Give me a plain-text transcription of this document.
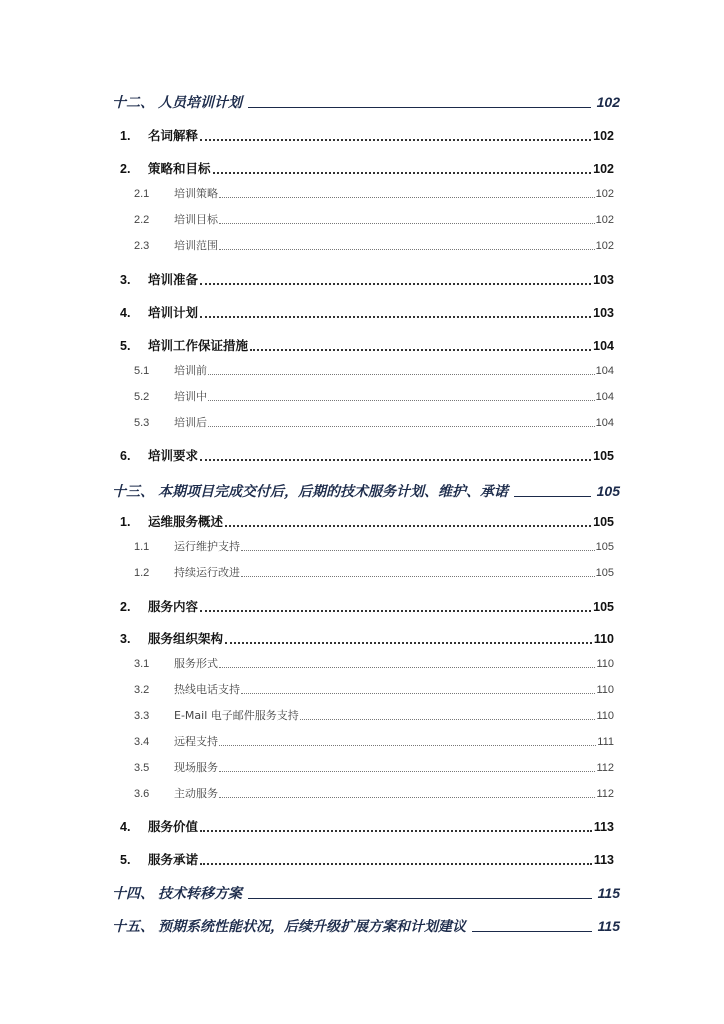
十二、 人员培训计划	102
1.	名词解释	102
2.	策略和目标	102
2.1	培训策略	102
2.2	培训目标	102
2.3	培训范围	102
3.	培训准备	103
4.	培训计划	103
5.	培训工作保证措施	104
5.1	培训前	104
5.2	培训中	104
5.3	培训后	104
6.	培训要求	105
十三、 本期项目完成交付后，后期的技术服务计划、维护、承诺	105
1.	运维服务概述	105
1.1	运行维护支持	105
1.2	持续运行改进	105
2.	服务内容	105
3.	服务组织架构	110
3.1	服务形式	110
3.2	热线电话支持	110
3.3	E-Mail 电子邮件服务支持	110
3.4	远程支持	111
3.5	现场服务	112
3.6	主动服务	112
4.	服务价值	113
5.	服务承诺	113
十四、 技术转移方案	115
十五、 预期系统性能状况，后续升级扩展方案和计划建议	115
